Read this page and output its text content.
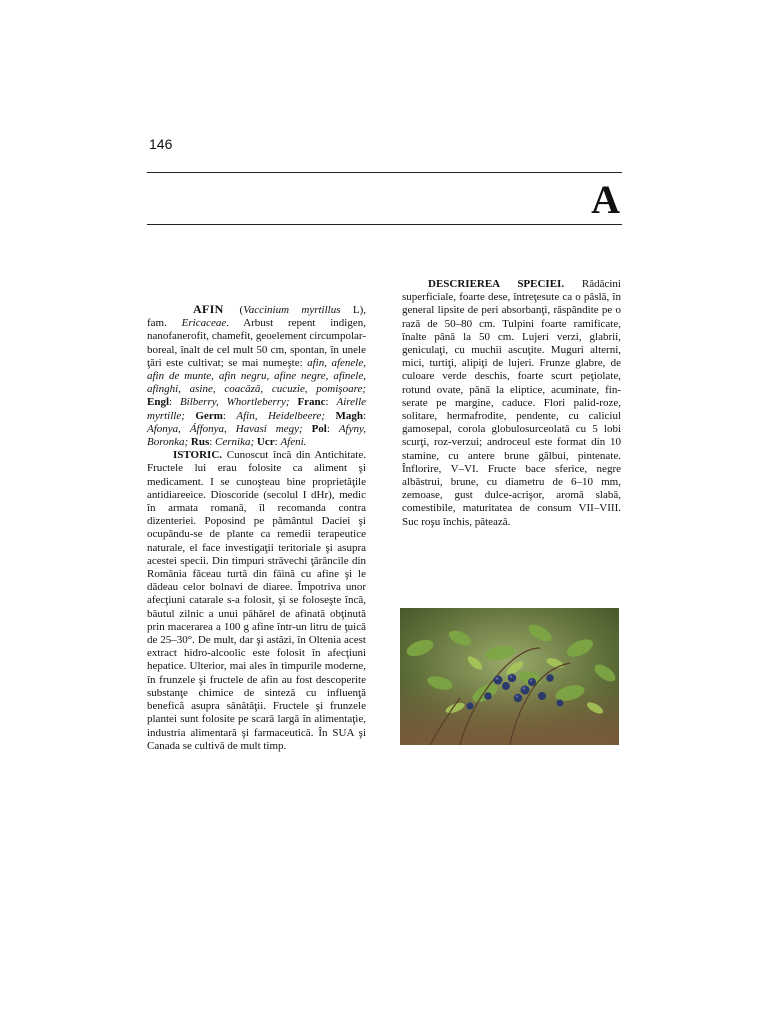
146
A

AFIN (Vaccinium myrtillus L), fam. Ericaceae. Arbust repent indigen, nanofanerofit, chamefit, geoelement circumpolar-boreal, înalt de cel mult 50 cm, spontan, în unele ţări este cultivat; se mai numeşte: afin, afenele, afin de munte, afin negru, afine negre, afinele, afinghi, asine, coacăză, cucuzie, pomişoare; Engl: Bilberry, Whortleberry; Franc: Airelle myrtille; Germ: Afin, Heidelbeere; Magh: Afonya, Áffonya, Havasi megy; Pol: Afyny, Boronka; Rus: Cernika; Ucr: Afeni.

ISTORIC. Cunoscut încă din Antichitate. Fructele lui erau folosite ca aliment şi medicament. I se cunoşteau bine proprietăţile antidiareeice. Dioscoride (secolul I dHr), medic în armata romană, îl recomanda contra dizenteriei. Poposind pe pământul Daciei şi ocupându-se de plante ca remedii terapeutice naturale, el face investigaţii teritoriale şi asupra acestei specii. Din timpuri străvechi ţărăncile din România făceau turtă din făină cu afine şi le dădeau celor bolnavi de diaree. Împotriva unor afecţiuni catarale s-a folosit, şi se foloseşte încă, băutul zilnic a unui păhărel de afinată obţinută prin macerarea a 100 g afine într-un litru de ţuică de 25–30°. De mult, dar şi astăzi, în Oltenia acest extract hidro-alcoolic este folosit în afecţiuni hepatice. Ulterior, mai ales în timpurile moderne, în frunzele şi fructele de afin au fost descoperite substanţe chimice de sinteză cu influenţă benefică asupra sănătăţii. Fructele şi frunzele plantei sunt folosite pe scară largă în alimentaţie, industria alimentară şi farmaceutică. În SUA şi Canada se cultivă de mult timp.

DESCRIEREA SPECIEI. Rădăcini superficiale, foarte dese, întreţesute ca o pâslă, în general lipsite de peri absorbanţi, răspândite pe o rază de 50–80 cm. Tulpini foarte ramificate, înalte până la 50 cm. Lujeri verzi, glabrii, geniculaţi, cu muchii ascuţite. Muguri alterni, mici, turtiţi, alipiţi de lujeri. Frunze glabre, de culoare verde deschis, foarte scurt peţiolate, rotund ovate, până la eliptice, acuminate, fin-serate pe margine, caduce. Flori palid-roze, solitare, hermafrodite, pendente, cu caliciul gamosepal, corola globulosurceolată cu 5 lobi scurţi, roz-verzui; androceul este format din 10 stamine, cu antere brune gălbui, pintenate. Înflorire, V–VI. Fructe bace sferice, negre albăstrui, brune, cu diametru de 6–10 mm, zemoase, gust dulce-acrişor, aromă slabă, comestibile, maturitatea de consum VII–VIII. Suc roşu închis, pătează.
